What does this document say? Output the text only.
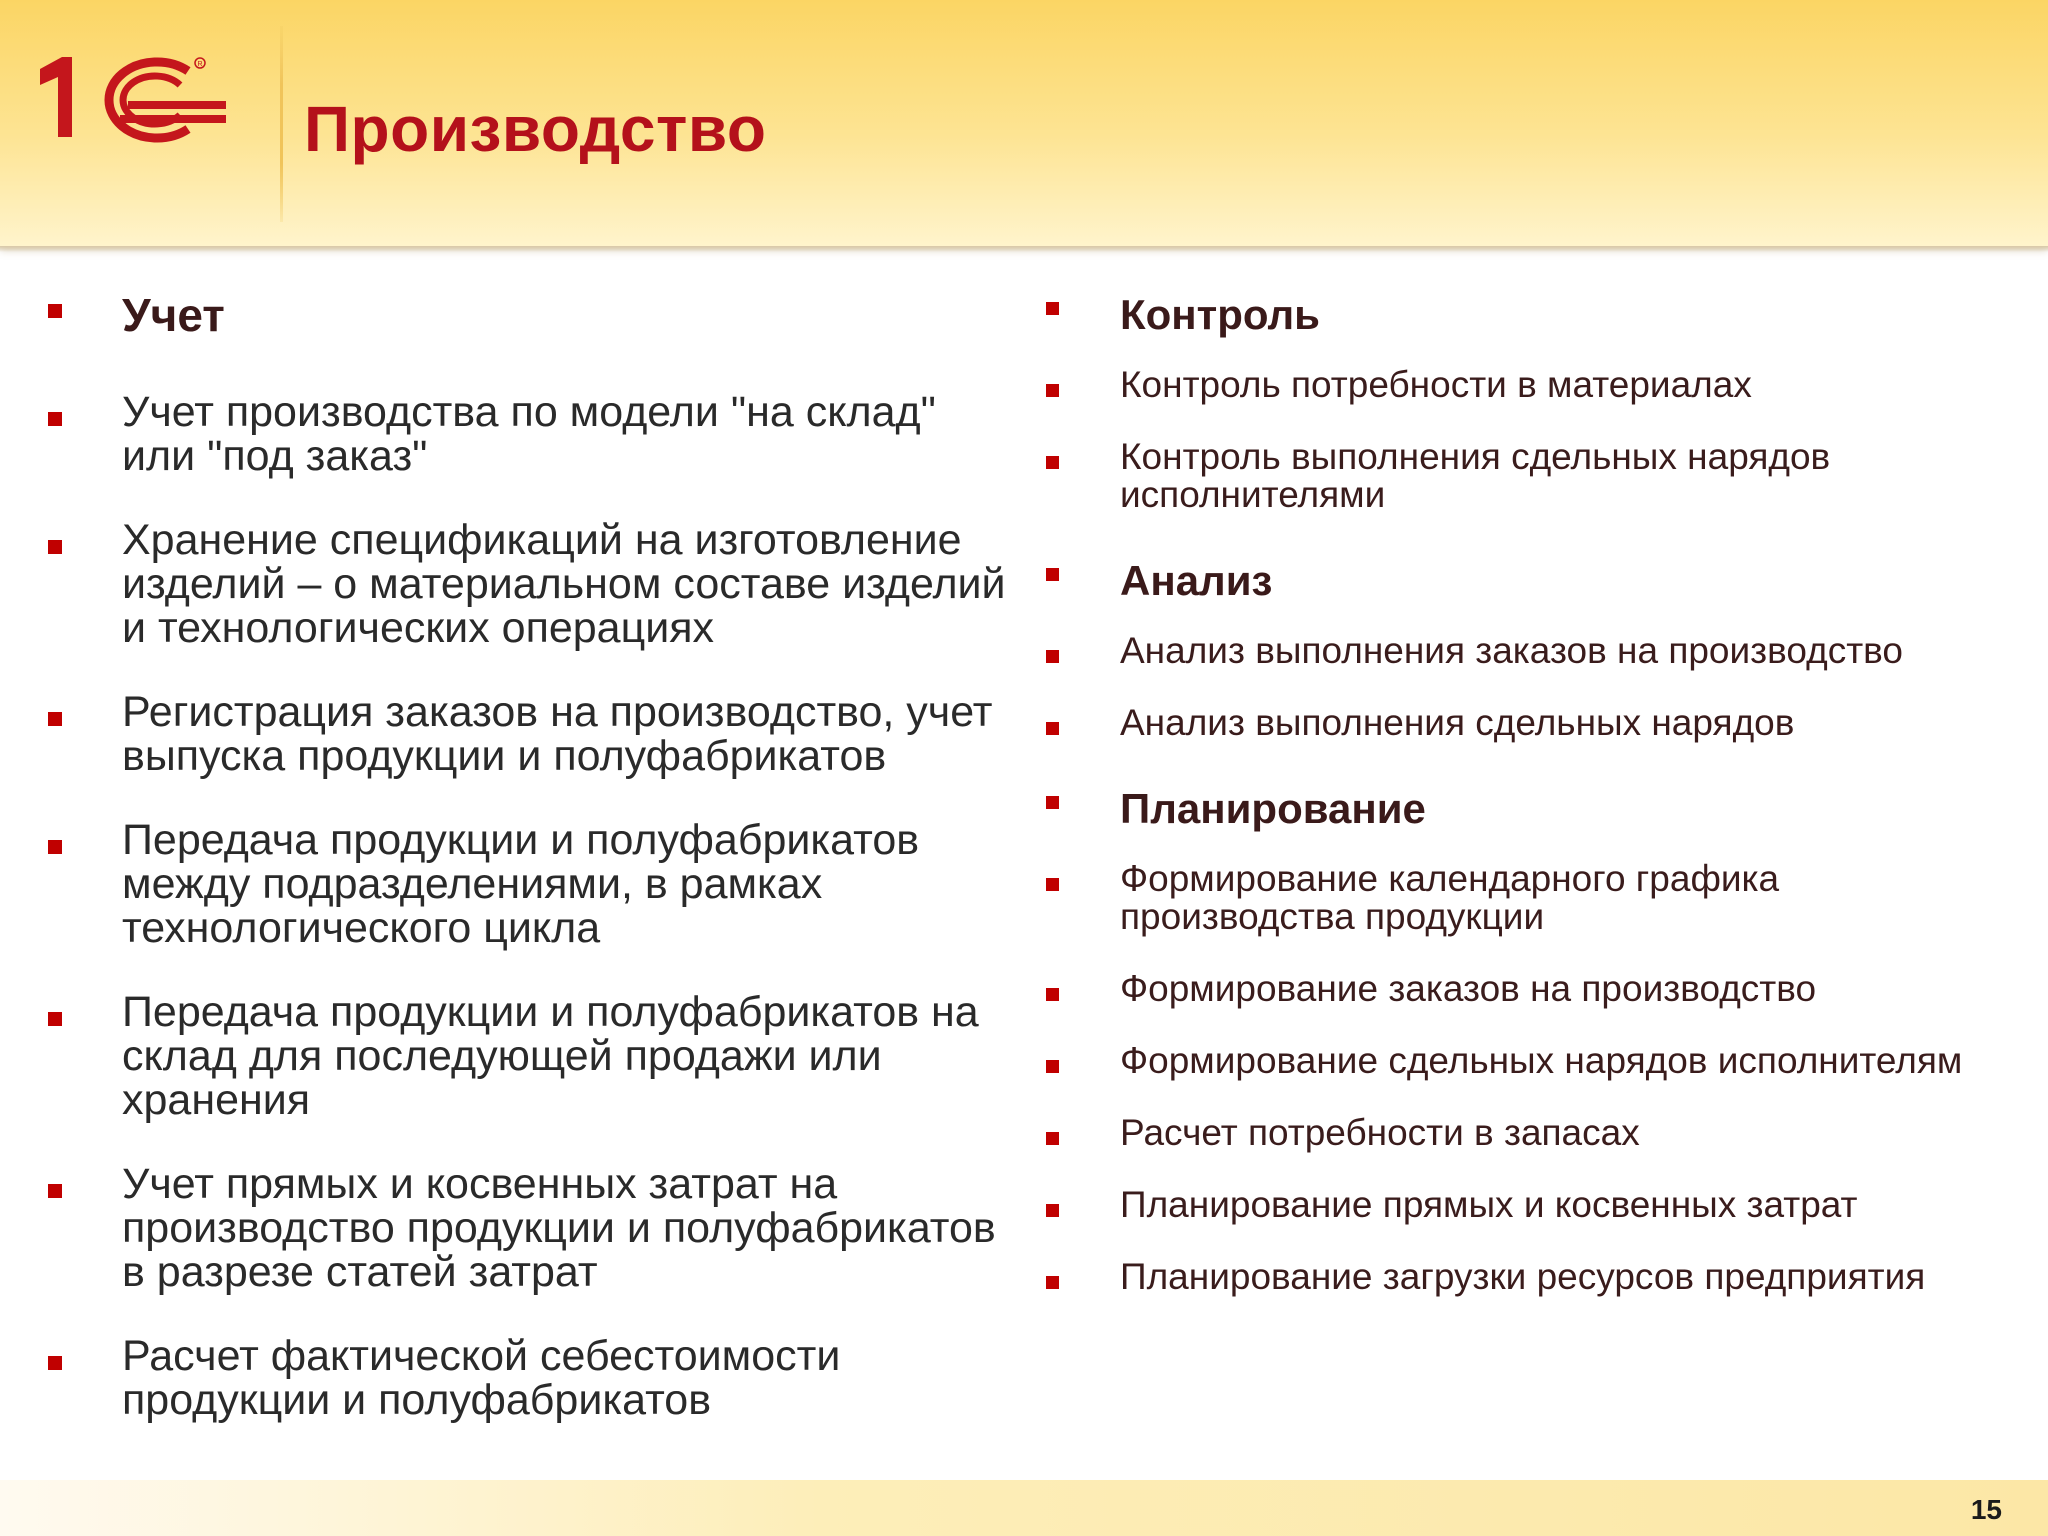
R
Производство
Учет
Учет производства по модели "на склад" или "под заказ"
Хранение спецификаций на изготовление изделий – о материальном составе изделий и технологических операциях
Регистрация заказов на производство, учет выпуска продукции и полуфабрикатов
Передача продукции и полуфабрикатов между подразделениями, в рамках технологического цикла
Передача продукции и полуфабрикатов на склад для последующей продажи или хранения
Учет прямых и косвенных затрат на производство продукции и полуфабрикатов в разрезе статей затрат
Расчет фактической себестоимости продукции и полуфабрикатов
Контроль
Контроль потребности в материалах
Контроль выполнения сдельных нарядов исполнителями
Анализ
Анализ выполнения заказов на производство
Анализ выполнения сдельных нарядов
Планирование
Формирование календарного графика производства продукции
Формирование заказов на производство
Формирование сдельных нарядов исполнителям
Расчет потребности в запасах
Планирование прямых и косвенных затрат
Планирование загрузки ресурсов предприятия
15
